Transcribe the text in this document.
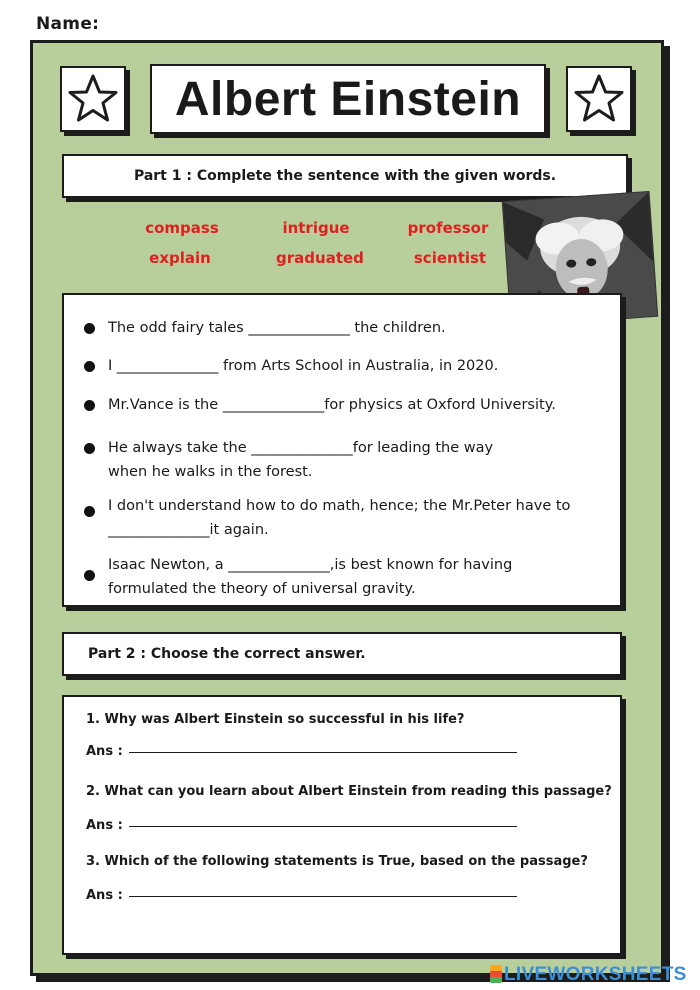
Name:
Albert Einstein
Part 1 : Complete the sentence with the given words.
compass	intrigue	professor
explain	graduated	scientist
The odd fairy tales ______________ the children.
I ______________ from Arts School in Australia, in 2020.
Mr.Vance is the ______________for physics at Oxford University.
He always take the ______________for leading the way
when he walks in the forest.
I don't understand how to do math, hence; the Mr.Peter have to
______________it again.
Isaac Newton, a ______________,is best known for having
formulated the theory of universal gravity.
Part 2 : Choose the correct answer.
1. Why was Albert Einstein so successful in his life?
Ans :
2. What can you learn about Albert Einstein from reading this passage?
Ans :
3. Which of the following statements is True, based on the passage?
Ans :
LIVEWORKSHEETS
